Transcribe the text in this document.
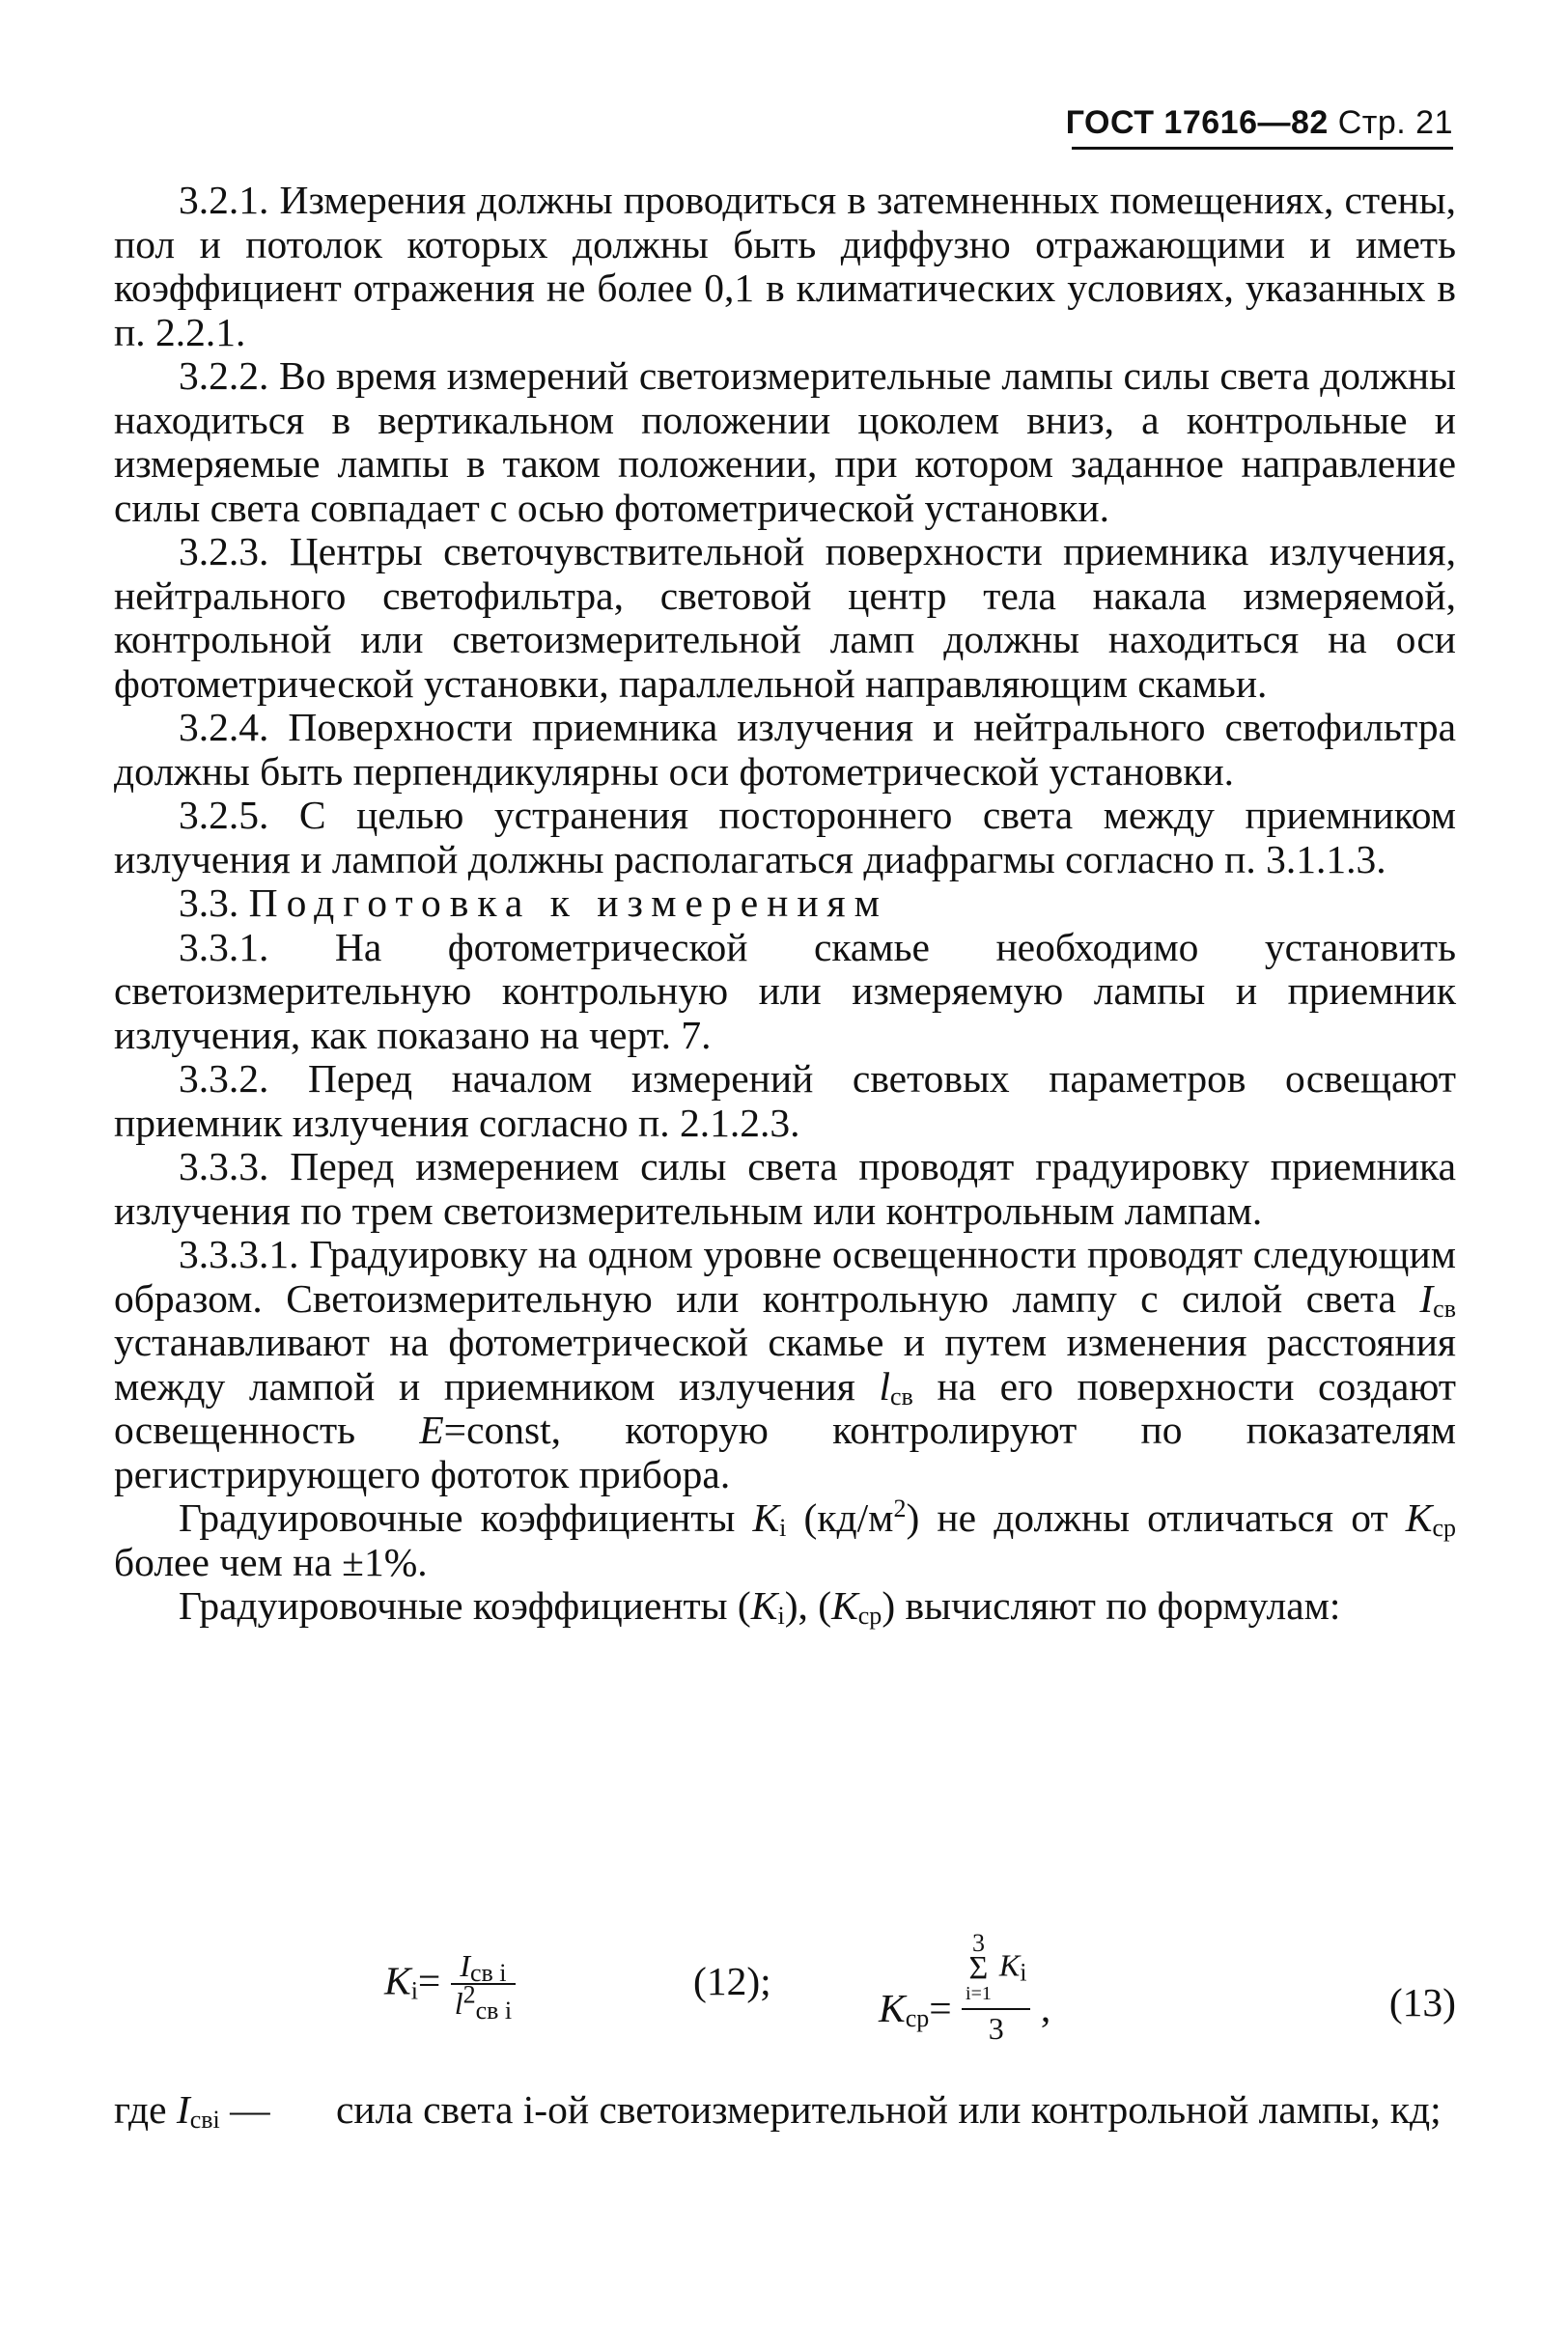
ГОСТ 17616—82 Стр. 21

3.2.1. Измерения должны проводиться в затемненных помещениях, стены, пол и потолок которых должны быть диффузно отражающими и иметь коэффициент отражения не более 0,1 в климатических условиях, указанных в п. 2.2.1.

3.2.2. Во время измерений светоизмерительные лампы силы света должны находиться в вертикальном положении цоколем вниз, а контрольные и измеряемые лампы в таком положении, при котором заданное направление силы света совпадает с осью фотометрической установки.

3.2.3. Центры светочувствительной поверхности приемника излучения, нейтрального светофильтра, световой центр тела накала измеряемой, контрольной или светоизмерительной ламп должны находиться на оси фотометрической установки, параллельной направляющим скамьи.

3.2.4. Поверхности приемника излучения и нейтрального светофильтра должны быть перпендикулярны оси фотометрической установки.

3.2.5. С целью устранения постороннего света между приемником излучения и лампой должны располагаться диафрагмы согласно п. 3.1.1.3.

3.3. Подготовка к измерениям

3.3.1. На фотометрической скамье необходимо установить светоизмерительную контрольную или измеряемую лампы и приемник излучения, как показано на черт. 7.

3.3.2. Перед началом измерений световых параметров освещают приемник излучения согласно п. 2.1.2.3.

3.3.3. Перед измерением силы света проводят градуировку приемника излучения по трем светоизмерительным или контрольным лампам.

3.3.3.1. Градуировку на одном уровне освещенности проводят следующим образом. Светоизмерительную или контрольную лампу с силой света $I_{св}$ устанавливают на фотометрической скамье и путем изменения расстояния между лампой и приемником излучения $l_{св}$ на его поверхности создают освещенность E=const, которую контролируют по показателям регистрирующего фототок прибора.

Градуировочные коэффициенты $K_i$ $(кд/м^2)$ не должны отличаться от $K_{ср}$ более чем на ±1%.

Градуировочные коэффициенты $(K_i)$, $(K_{ср})$ вычисляют по формулам:

$K_i= \frac{I_{св i}}{l^2_{св i}}$	(12);
$K_{ср}= 3$
Σ
i=1
$K_i$
3 ,	(13)
где $I_{свi}$ — сила света i-ой светоизмерительной или контрольной лампы, кд;
